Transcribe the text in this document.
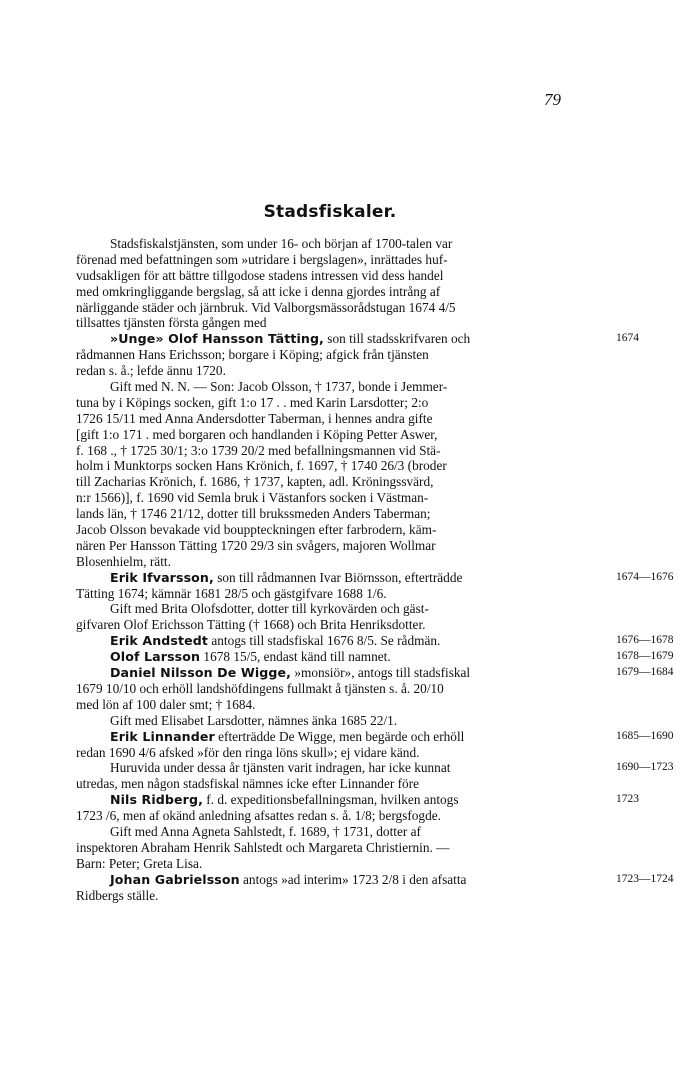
79
Stadsfiskaler.
Stadsfiskalstjänsten, som under 16- och början af 1700-talen var
förenad med befattningen som »utridare i bergslagen», inrättades huf-
vudsakligen för att bättre tillgodose stadens intressen vid dess handel
med omkringliggande bergslag, så att icke i denna gjordes intrång af
närliggande städer och järnbruk. Vid Valborgsmässorådstugan 1674 4/5
tillsattes tjänsten första gången med
»Unge» Olof Hansson Tätting, son till stadsskrifvaren och	1674
rådmannen Hans Erichsson; borgare i Köping; afgick från tjänsten
redan s. å.; lefde ännu 1720.
Gift med N. N. — Son: Jacob Olsson, † 1737, bonde i Jemmer-
tuna by i Köpings socken, gift 1:o 17 . . med Karin Larsdotter; 2:o
1726 15/11 med Anna Andersdotter Taberman, i hennes andra gifte
[gift 1:o 171 . med borgaren och handlanden i Köping Petter Aswer,
f. 168 ., † 1725 30/1; 3:o 1739 20/2 med befallningsmannen vid Stä-
holm i Munktorps socken Hans Krönich, f. 1697, † 1740 26/3 (broder
till Zacharias Krönich, f. 1686, † 1737, kapten, adl. Kröningssvärd,
n:r 1566)], f. 1690 vid Semla bruk i Västanfors socken i Västman-
lands län, † 1746 21/12, dotter till brukssmeden Anders Taberman;
Jacob Olsson bevakade vid bouppteckningen efter farbrodern, käm-
nären Per Hansson Tätting 1720 29/3 sin svågers, majoren Wollmar
Blosenhielm, rätt.
Erik Ifvarsson, son till rådmannen Ivar Biörnsson, efterträdde	1674—1676
Tätting 1674; kämnär 1681 28/5 och gästgifvare 1688 1/6.
Gift med Brita Olofsdotter, dotter till kyrkovärden och gäst-
gifvaren Olof Erichsson Tätting († 1668) och Brita Henriksdotter.
Erik Andstedt antogs till stadsfiskal 1676 8/5. Se rådmän.	1676—1678
Olof Larsson 1678 15/5, endast känd till namnet.	1678—1679
Daniel Nilsson De Wigge, »monsiör», antogs till stadsfiskal	1679—1684
1679 10/10 och erhöll landshöfdingens fullmakt å tjänsten s. å. 20/10
med lön af 100 daler smt; † 1684.
Gift med Elisabet Larsdotter, nämnes änka 1685 22/1.
Erik Linnander efterträdde De Wigge, men begärde och erhöll	1685—1690
redan 1690 4/6 afsked »för den ringa löns skull»; ej vidare känd.
Huruvida under dessa år tjänsten varit indragen, har icke kunnat	1690—1723
utredas, men någon stadsfiskal nämnes icke efter Linnander före
Nils Ridberg, f. d. expeditionsbefallningsman, hvilken antogs	1723
1723 /6, men af okänd anledning afsattes redan s. å. 1/8; bergsfogde.
Gift med Anna Agneta Sahlstedt, f. 1689, † 1731, dotter af
inspektoren Abraham Henrik Sahlstedt och Margareta Christiernin. —
Barn: Peter; Greta Lisa.
Johan Gabrielsson antogs »ad interim» 1723 2/8 i den afsatta	1723—1724
Ridbergs ställe.
